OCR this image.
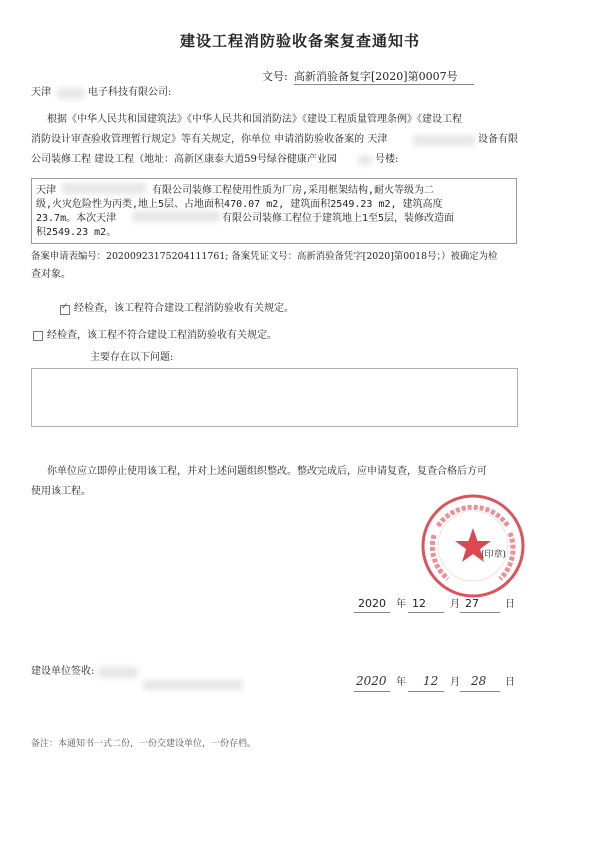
建设工程消防验收备案复查通知书
文号: 高新消验备复字[2020]第0007号
天津	电子科技有限公司:
根据《中华人民共和国建筑法》《中华人民共和国消防法》《建设工程质量管理条例》《建设工程
消防设计审查验收管理暂行规定》等有关规定，你单位 申请消防验收备案的 天津	设备有限
公司装修工程 建设工程（地址：高新区康泰大道59号绿谷健康产业园	号楼:
天津	有限公司装修工程使用性质为厂房,采用框架结构,耐火等级为二
级,火灾危险性为丙类,地上5层、占地面积470.07 m2, 建筑面积2549.23 m2, 建筑高度
23.7m。本次天津	有限公司装修工程位于建筑地上1至5层，装修改造面
积2549.23 m2。
备案申请表编号：202009231752041117​61; 备案凭证文号：高新消验备凭字[2020]第0018号；）被确定为检
查对象。
✓
经检查，该工程符合建设工程消防验收有关规定。
经检查，该工程不符合建设工程消防验收有关规定。
主要存在以下问题:
你单位应立即停止使用该工程，并对上述问题组织整改。整改完成后，应申请复查，复查合格后方可
使用该工程。
(印章)
2020 年 12 月 27	日
建设单位签收:
2020 年 12 月 28 日
备注：本通知书一式二份，一份交建设单位，一份存档。
